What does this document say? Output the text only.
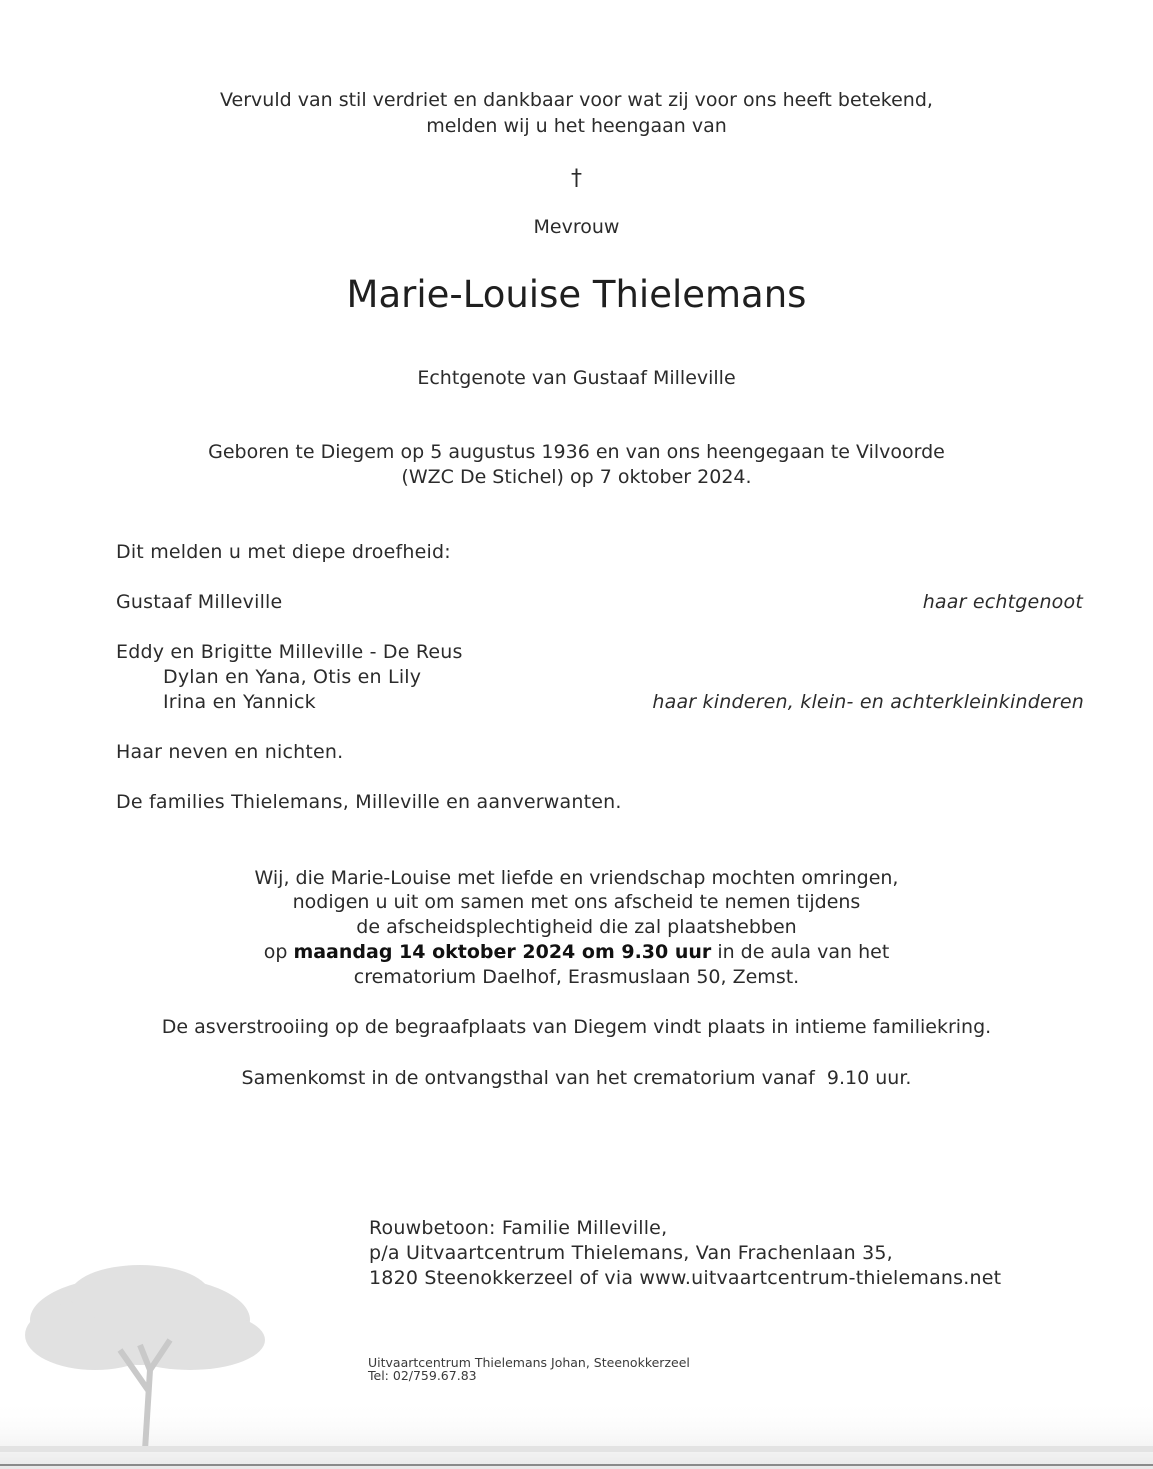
Vervuld van stil verdriet en dankbaar voor wat zij voor ons heeft betekend,
melden wij u het heengaan van
†
Mevrouw
Marie-Louise Thielemans
Echtgenote van Gustaaf Milleville
Geboren te Diegem op 5 augustus 1936 en van ons heengegaan te Vilvoorde
(WZC De Stichel) op 7 oktober 2024.
Dit melden u met diepe droefheid:
Gustaaf Milleville	haar echtgenoot
Eddy en Brigitte Milleville - De Reus
Dylan en Yana, Otis en Lily
Irina en Yannick	haar kinderen, klein- en achterkleinkinderen
Haar neven en nichten.
De families Thielemans, Milleville en aanverwanten.
Wij, die Marie-Louise met liefde en vriendschap mochten omringen,
nodigen u uit om samen met ons afscheid te nemen tijdens
de afscheidsplechtigheid die zal plaatshebben
op maandag 14 oktober 2024 om 9.30 uur in de aula van het
crematorium Daelhof, Erasmuslaan 50, Zemst.
De asverstrooiing op de begraafplaats van Diegem vindt plaats in intieme familiekring.
Samenkomst in de ontvangsthal van het crematorium vanaf  9.10 uur.
Rouwbetoon: Familie Milleville,
p/a Uitvaartcentrum Thielemans, Van Frachenlaan 35,
1820 Steenokkerzeel of via www.uitvaartcentrum-thielemans.net
Uitvaartcentrum Thielemans Johan, Steenokkerzeel
Tel: 02/759.67.83
